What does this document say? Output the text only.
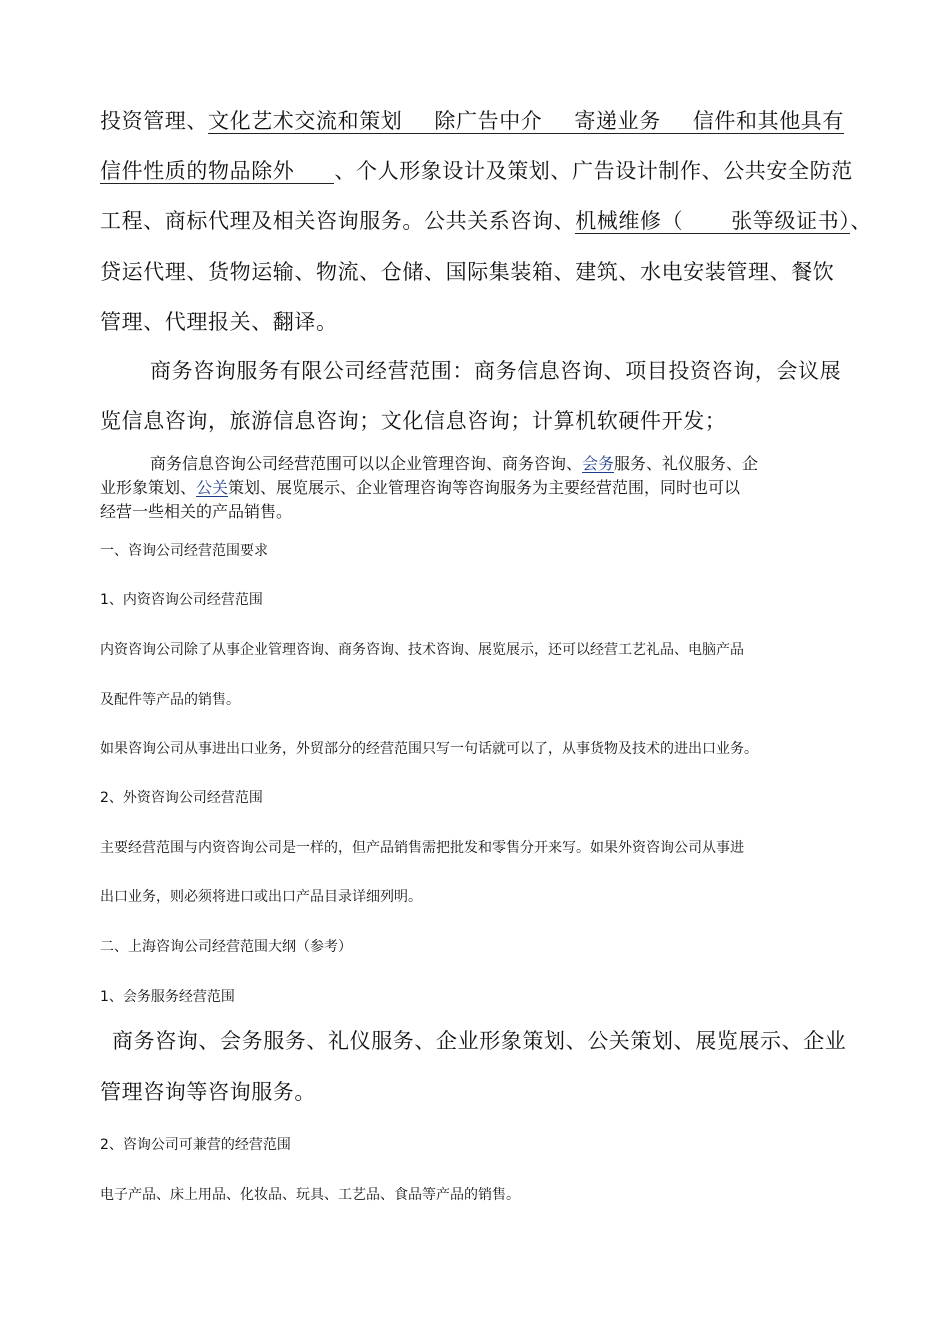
投资管理、文化艺术交流和策划 除广告中介 寄递业务 信件和其他具有
信件性质的物品除外 、个人形象设计及策划、广告设计制作、公共安全防范
工程、商标代理及相关咨询服务。公共关系咨询、机械维修（ 张等级证书）、
贷运代理、货物运输、物流、仓储、国际集装箱、建筑、水电安装管理、餐饮
管理、代理报关、翻译。
商务咨询服务有限公司经营范围：商务信息咨询、项目投资咨询，会议展
览信息咨询，旅游信息咨询；文化信息咨询；计算机软硬件开发；
商务信息咨询公司经营范围可以以企业管理咨询、商务咨询、会务服务、礼仪服务、企
业形象策划、公关策划、展览展示、企业管理咨询等咨询服务为主要经营范围，同时也可以
经营一些相关的产品销售。
一、咨询公司经营范围要求
1、内资咨询公司经营范围
内资咨询公司除了从事企业管理咨询、商务咨询、技术咨询、展览展示，还可以经营工艺礼品、电脑产品
及配件等产品的销售。
如果咨询公司从事进出口业务，外贸部分的经营范围只写一句话就可以了，从事货物及技术的进出口业务。
2、外资咨询公司经营范围
主要经营范围与内资咨询公司是一样的，但产品销售需把批发和零售分开来写。如果外资咨询公司从事进
出口业务，则必须将进口或出口产品目录详细列明。
二、上海咨询公司经营范围大纲（参考）
1、会务服务经营范围
商务咨询、会务服务、礼仪服务、企业形象策划、公关策划、展览展示、企业
管理咨询等咨询服务。
2、咨询公司可兼营的经营范围
电子产品、床上用品、化妆品、玩具、工艺品、食品等产品的销售。
